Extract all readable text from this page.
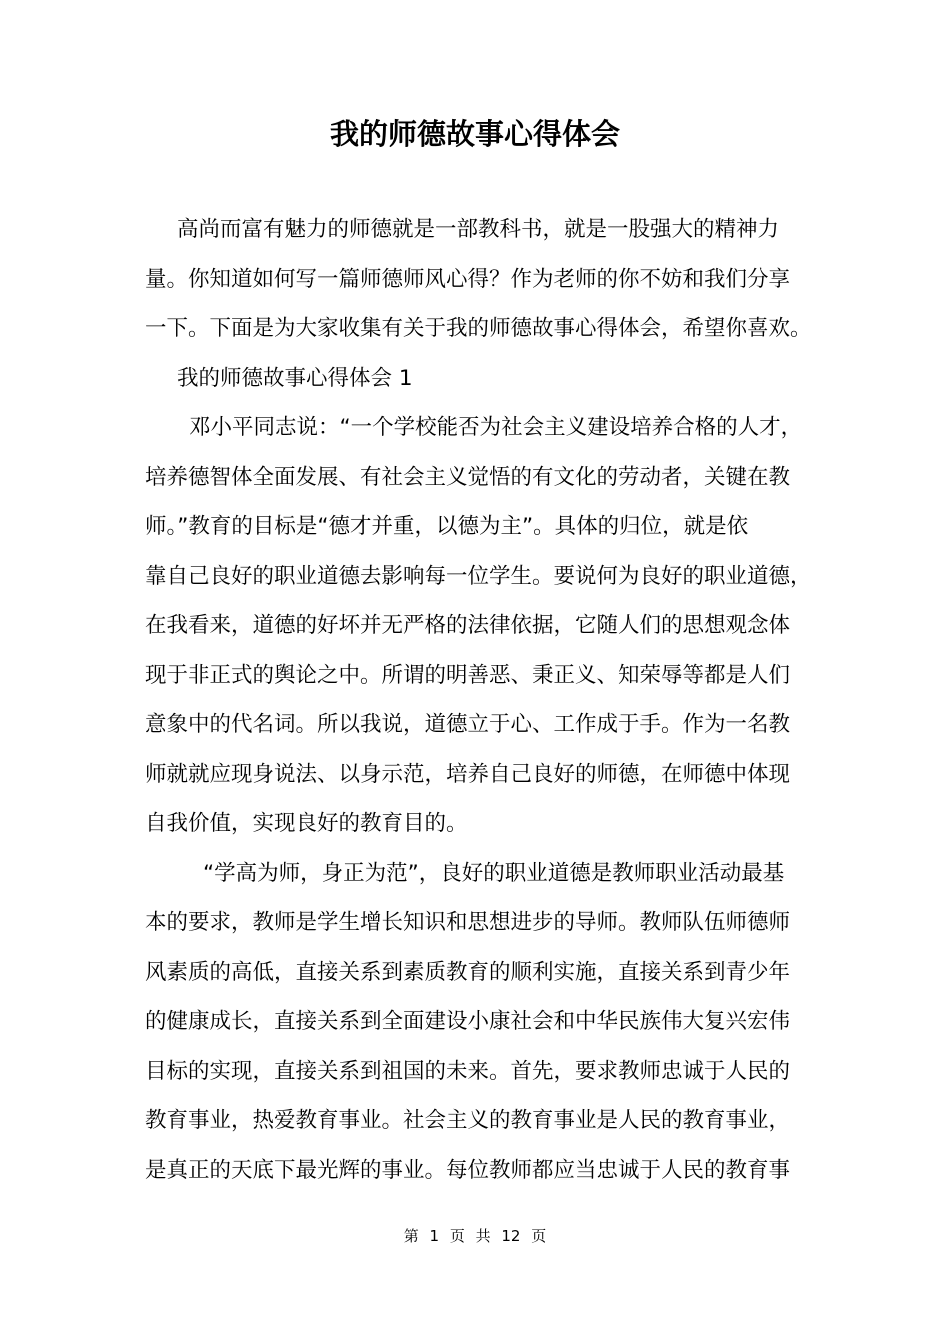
我的师德故事心得体会
高尚而富有魅力的师德就是一部教科书，就是一股强大的精神力
量。你知道如何写一篇师德师风心得？作为老师的你不妨和我们分享
一下。下面是为大家收集有关于我的师德故事心得体会，希望你喜欢。
我的师德故事心得体会 1
邓小平同志说：“一个学校能否为社会主义建设培养合格的人才，
培养德智体全面发展、有社会主义觉悟的有文化的劳动者，关键在教
师。”教育的目标是“德才并重，以德为主”。具体的归位，就是依
靠自己良好的职业道德去影响每一位学生。要说何为良好的职业道德，
在我看来，道德的好坏并无严格的法律依据，它随人们的思想观念体
现于非正式的舆论之中。所谓的明善恶、秉正义、知荣辱等都是人们
意象中的代名词。所以我说，道德立于心、工作成于手。作为一名教
师就就应现身说法、以身示范，培养自己良好的师德，在师德中体现
自我价值，实现良好的教育目的。
“学高为师，身正为范”，良好的职业道德是教师职业活动最基
本的要求，教师是学生增长知识和思想进步的导师。教师队伍师德师
风素质的高低，直接关系到素质教育的顺利实施，直接关系到青少年
的健康成长，直接关系到全面建设小康社会和中华民族伟大复兴宏伟
目标的实现，直接关系到祖国的未来。首先，要求教师忠诚于人民的
教育事业，热爱教育事业。社会主义的教育事业是人民的教育事业，
是真正的天底下最光辉的事业。每位教师都应当忠诚于人民的教育事
第 1 页 共 12 页
